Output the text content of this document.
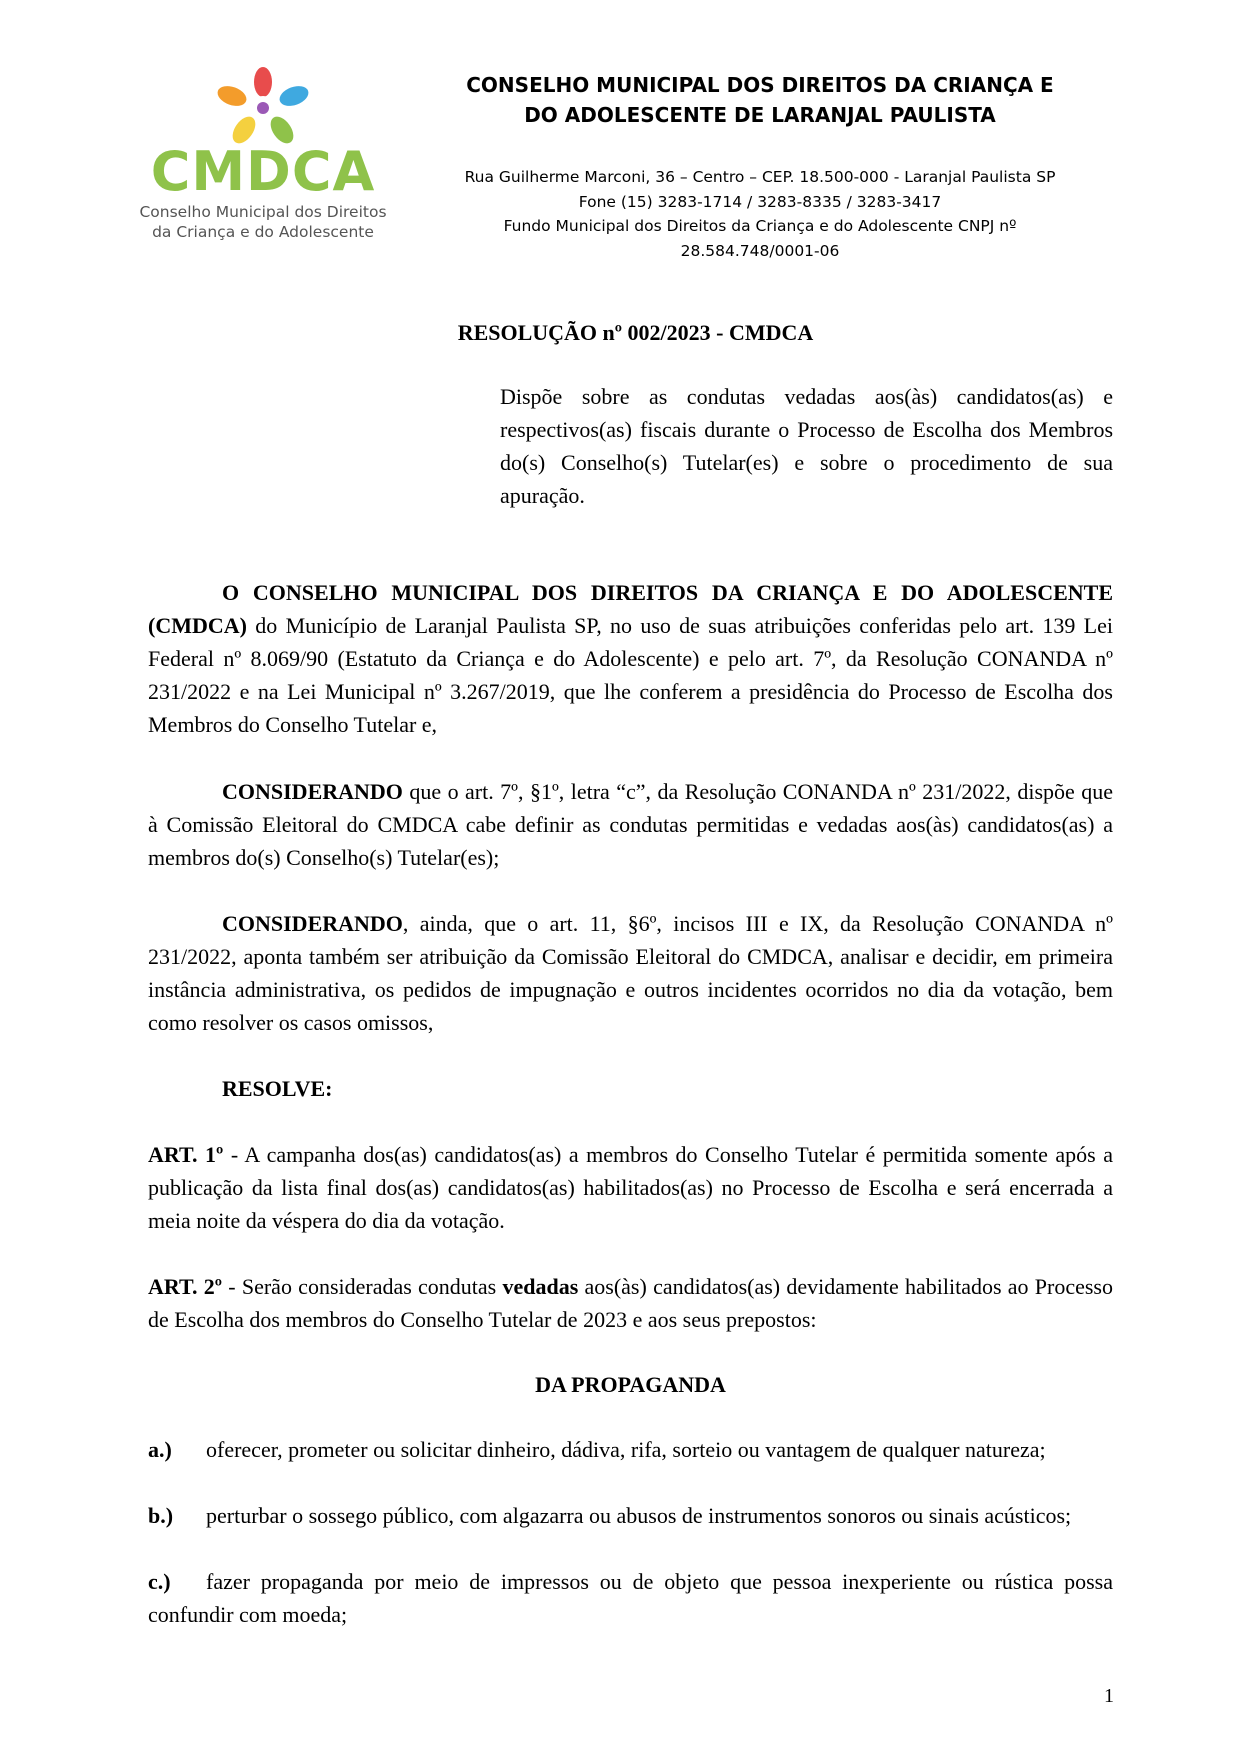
CMDCA
Conselho Municipal dos Direitos
da Criança e do Adolescente
CONSELHO MUNICIPAL DOS DIREITOS DA CRIANÇA E
DO ADOLESCENTE DE LARANJAL PAULISTA
Rua Guilherme Marconi, 36 – Centro – CEP. 18.500-000 - Laranjal Paulista SP
Fone (15) 3283-1714 / 3283-8335 / 3283-3417
Fundo Municipal dos Direitos da Criança e do Adolescente CNPJ nº
28.584.748/0001-06
RESOLUÇÃO nº 002/2023 - CMDCA
Dispõe sobre as condutas vedadas aos(às) candidatos(as) e respectivos(as) fiscais durante o Processo de Escolha dos Membros do(s) Conselho(s) Tutelar(es) e sobre o procedimento de sua apuração.
O CONSELHO MUNICIPAL DOS DIREITOS DA CRIANÇA E DO ADOLESCENTE (CMDCA) do Município de Laranjal Paulista SP, no uso de suas atribuições conferidas pelo art. 139 Lei Federal nº 8.069/90 (Estatuto da Criança e do Adolescente) e pelo art. 7º, da Resolução CONANDA nº 231/2022 e na Lei Municipal nº 3.267/2019, que lhe conferem a presidência do Processo de Escolha dos Membros do Conselho Tutelar e,
CONSIDERANDO que o art. 7º, §1º, letra “c”, da Resolução CONANDA nº 231/2022, dispõe que à Comissão Eleitoral do CMDCA cabe definir as condutas permitidas e vedadas aos(às) candidatos(as) a membros do(s) Conselho(s) Tutelar(es);
CONSIDERANDO, ainda, que o art. 11, §6º, incisos III e IX, da Resolução CONANDA nº 231/2022, aponta também ser atribuição da Comissão Eleitoral do CMDCA, analisar e decidir, em primeira instância administrativa, os pedidos de impugnação e outros incidentes ocorridos no dia da votação, bem como resolver os casos omissos,
RESOLVE:
ART. 1º - A campanha dos(as) candidatos(as) a membros do Conselho Tutelar é permitida somente após a publicação da lista final dos(as) candidatos(as) habilitados(as) no Processo de Escolha e será encerrada a meia noite da véspera do dia da votação.
ART. 2º - Serão consideradas condutas vedadas aos(às) candidatos(as) devidamente habilitados ao Processo de Escolha dos membros do Conselho Tutelar de 2023 e aos seus prepostos:
DA PROPAGANDA
a.) oferecer, prometer ou solicitar dinheiro, dádiva, rifa, sorteio ou vantagem de qualquer natureza;
b.) perturbar o sossego público, com algazarra ou abusos de instrumentos sonoros ou sinais acústicos;
c.) fazer propaganda por meio de impressos ou de objeto que pessoa inexperiente ou rústica possa confundir com moeda;
1
